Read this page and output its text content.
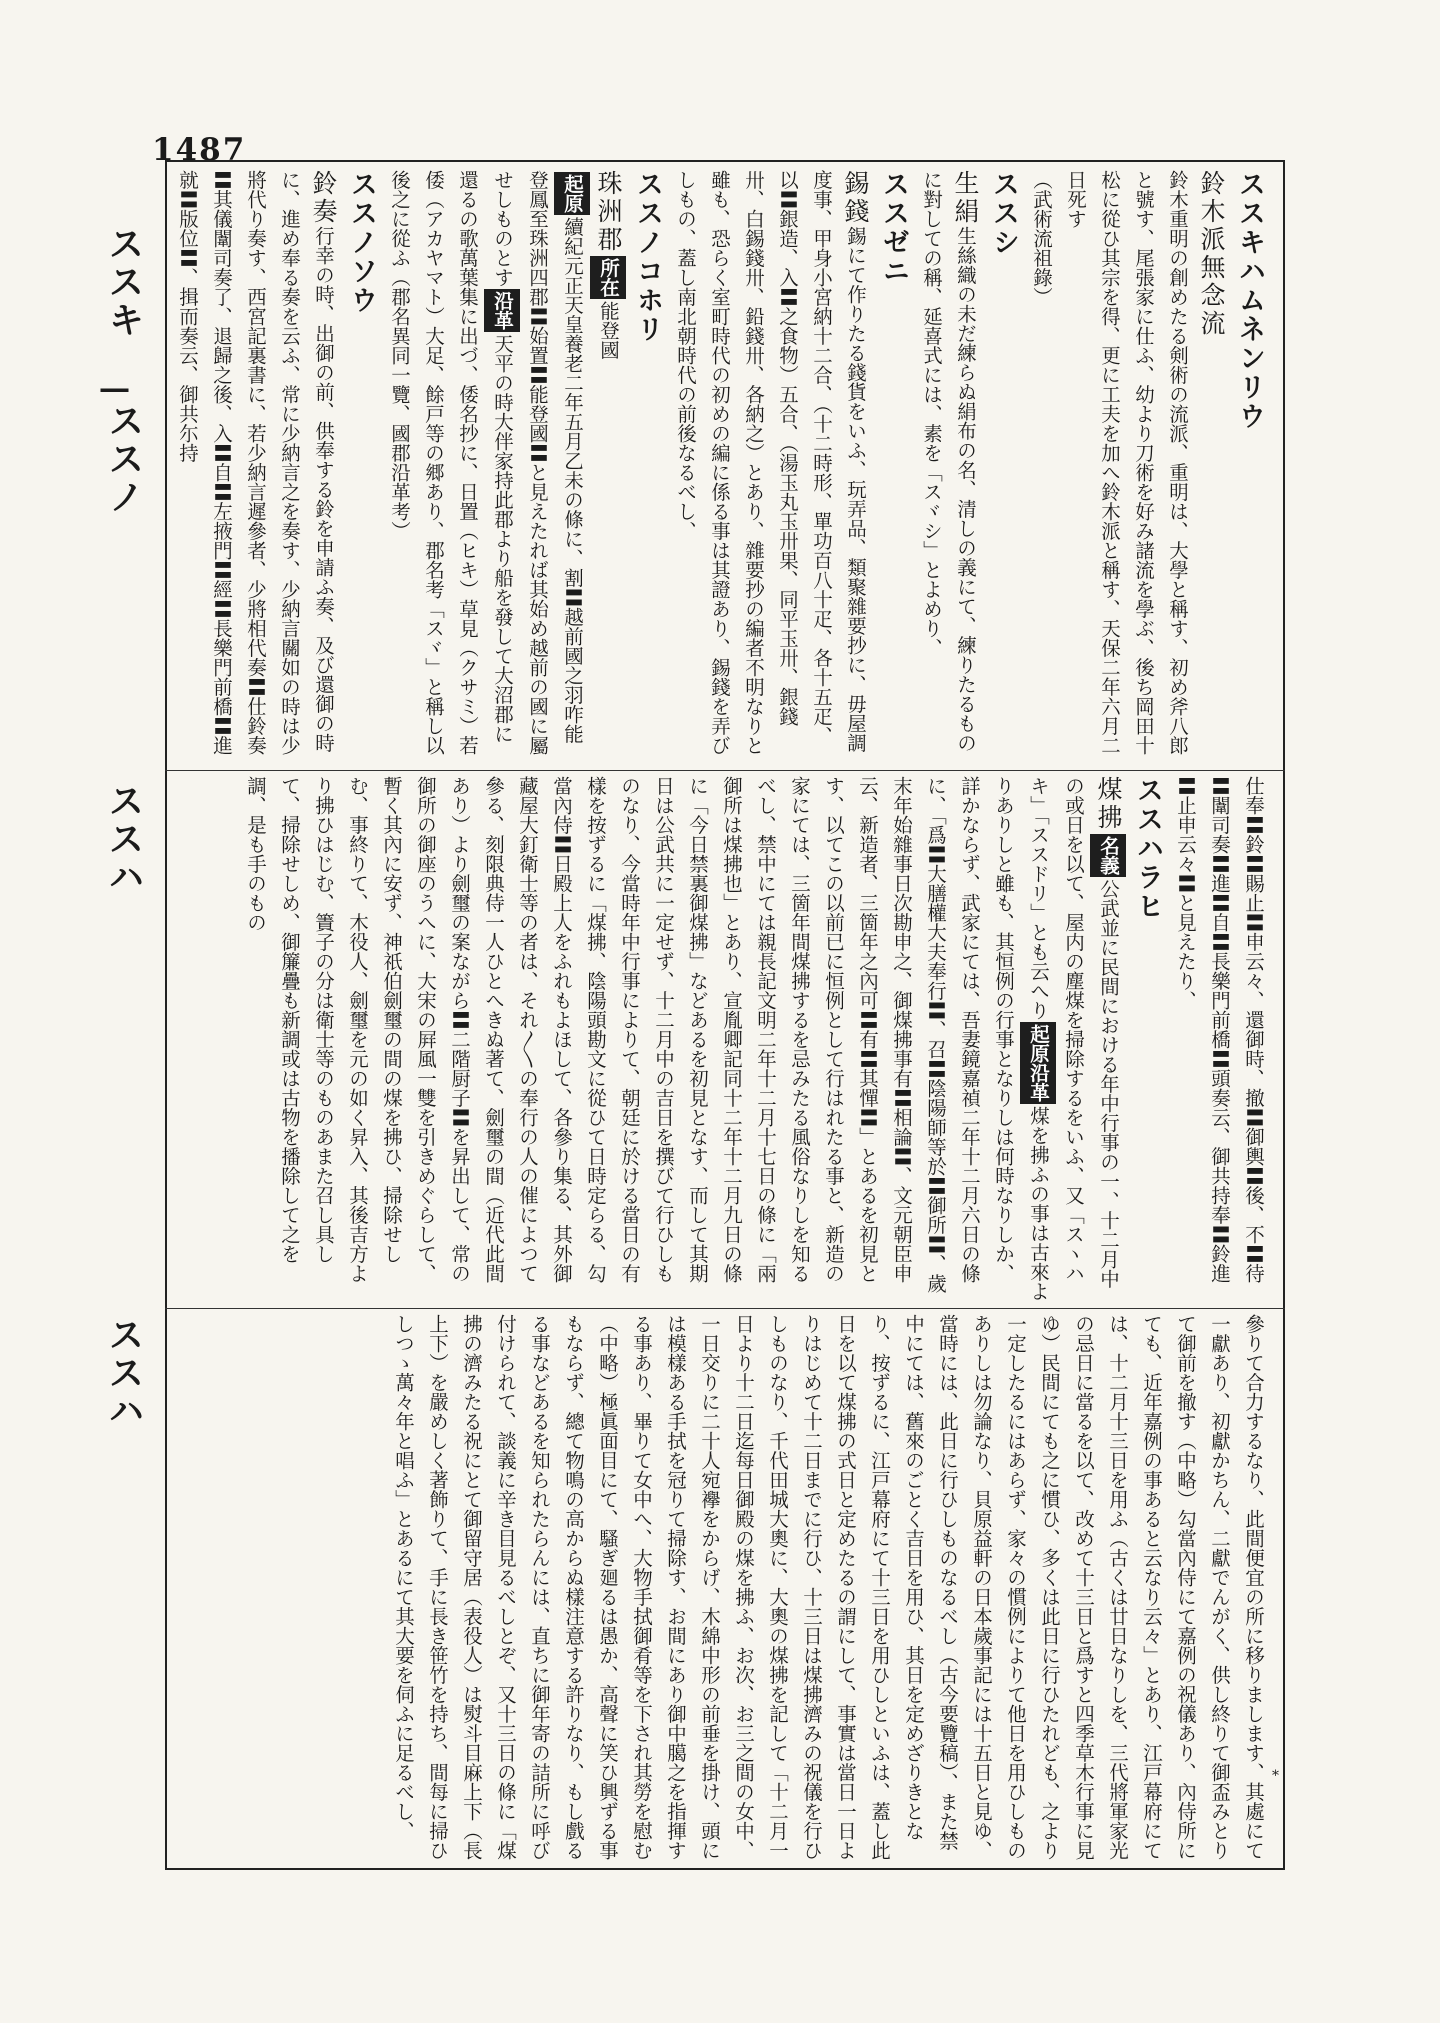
1487
ススキ
―
ススノ
ススハ
ススハ
ススキハムネンリウ
鈴木派無念流

鈴木重明の創めたる剣術の流派、重明は、大學と稱す、初め斧八郎と號す、尾張家に仕ふ、幼より刀術を好み諸流を學ぶ、後ち岡田十松に從ひ其宗を得、更に工夫を加へ鈴木派と稱す、天保二年六月二日死す

（武術流祖錄）

ススシ

生絹生絲織の未だ練らぬ絹布の名、清しの義にて、練りたるものに對しての稱、延喜式には、素を「スヾシ」とよめり、

ススゼニ

錫錢錫にて作りたる錢貨をいふ、玩弄品、類聚雜要抄に、毋屋調度事、甲身小宮納十二合、（十二時形、單功百八十疋、各十五疋、以〓銀造、入〓之食物）五合、（湯玉丸玉卅果、同平玉卅、銀錢卅、白錫錢卅、鉛錢卅、各納之）とあり、雜要抄の編者不明なりと雖も、恐らく室町時代の初めの編に係る事は其證あり、錫錢を弄びしもの、蓋し南北朝時代の前後なるべし、

ススノコホリ

珠洲郡所在能登國

起原續紀元正天皇養老二年五月乙未の條に、割〓越前國之羽咋能登鳳至珠洲四郡〓始置〓能登國〓と見えたれば其始め越前の國に屬せしものとす沿革天平の時大伴家持此郡より船を發して大沼郡に還るの歌萬葉集に出づ、倭名抄に、日置（ヒキ）草見（クサミ）若倭（アカヤマト）大足、餘戸等の郷あり、郡名考「スヾ」と稱し以後之に從ふ（郡名異同一覽、國郡沿革考）

ススノソウ

鈴奏行幸の時、出御の前、供奉する鈴を申請ふ奏、及び還御の時に、進め奉る奏を云ふ、常に少納言之を奏す、少納言關如の時は少將代り奏す、西宮記裏書に、若少納言遲參者、少將相代奏〓仕鈴奏〓其儀闈司奏了、退歸之後、入〓自〓左掖門〓經〓長樂門前橋〓進就〓版位〓、揖而奏云、御共尓持

仕奉〓鈴〓賜止〓申云々、還御時、撤〓御輿〓後、不〓待〓闈司奏〓進〓自〓長樂門前橋〓頭奏云、御共持奉〓鈴進〓止申云々〓と見えたり、

ススハラヒ

煤拂名義公武並に民間における年中行事の一、十二月中の或日を以て、屋内の塵煤を掃除するをいふ、又「スヽハキ」「ススドリ」とも云へり起原沿革煤を拂ふの事は古來よりありしと雖も、其恒例の行事となりしは何時なりしか、詳かならず、武家にては、吾妻鏡嘉禎二年十二月六日の條に、「爲〓大膳權大夫奉行〓、召〓陰陽師等於〓御所〓、歲末年始雜事日次勘申之、御煤拂事有〓相論〓、文元朝臣申云、新造者、三箇年之內可〓有〓其憚〓」とあるを初見とす、以てこの以前已に恒例として行はれたる事と、新造の家にては、三箇年間煤拂するを忌みたる風俗なりしを知るべし、禁中にては親長記文明二年十二月十七日の條に「兩御所は煤拂也」とあり、宣胤卿記同十二年十二月九日の條に「今日禁裏御煤拂」などあるを初見となす、而して其期日は公武共に一定せず、十二月中の吉日を撰びて行ひしものなり、今當時年中行事によりて、朝廷に於ける當日の有樣を按ずるに「煤拂、陰陽頭勘文に從ひて日時定らる、勾當內侍〓日殿上人をふれもよほして、各參り集る、其外御藏屋大釘衛士等の者は、それ〳〵の奉行の人の催によつて參る、刻限典侍一人ひとへきぬ著て、劍璽の間（近代此間あり）より劍璽の案ながら〓二階厨子〓を昇出して、常の御所の御座のうへに、大宋の屛風一雙を引きめぐらして、暫く其內に安ず、神祇伯劍璽の間の煤を拂ひ、掃除せしむ、事終りて、木役人、劍璽を元の如く昇入、其後吉方より拂ひはじむ、簀子の分は衛士等のものあまた召し具して、掃除せしめ、御簾疊も新調或は古物を播除して之を調、是も手のもの

參りて合力するなり、此間便宜の所に移りまします、其處にて一獻あり、初獻かちん、二獻でんがく、供し終りて御盃みとりて御前を撤す（中略）勾當內侍にて嘉例の祝儀あり、內侍所にても、近年嘉例の事あると云なり云々」とあり、江戸幕府にては、十二月十三日を用ふ（古くは廿日なりしを、三代將軍家光の忌日に當るを以て、改めて十三日と爲すと四季草木行事に見ゆ）民間にても之に慣ひ、多くは此日に行ひたれども、之より一定したるにはあらず、家々の慣例によりて他日を用ひしものありしは勿論なり、貝原益軒の日本歲事記には十五日と見ゆ、當時には、此日に行ひしものなるべし（古今要覽稿）、また禁中にては、舊來のごとく吉日を用ひ、其日を定めざりきとなり、按ずるに、江戸幕府にて十三日を用ひしといふは、蓋し此日を以て煤拂の式日と定めたるの謂にして、事實は當日一日よりはじめて十二日までに行ひ、十三日は煤拂濟みの祝儀を行ひしものなり、千代田城大奧に、大奧の煤拂を記して「十二月一日より十二日迄每日御殿の煤を拂ふ、お次、お三之間の女中、一日交りに二十人宛襷をからげ、木綿中形の前垂を掛け、頭には模樣ある手拭を冠りて掃除す、お間にあり御中臈之を指揮する事あり、畢りて女中へ、大物手拭御肴等を下され其勞を慰む（中略）極眞面目にて、騷ぎ廻るは愚か、高聲に笑ひ興ずる事もならず、總て物鳴の高からぬ樣注意する許りなり、もし戲るる事などあるを知られたらんには、直ちに御年寄の詰所に呼び付けられて、談義に辛き目見るべしとぞ、又十三日の條に「煤拂の濟みたる祝にとて御留守居（表役人）は熨斗目麻上下（長上下）を嚴めしく著飾りて、手に長き笹竹を持ち、間每に掃ひしつゝ萬々年と唱ふ」とあるにて其大要を伺ふに足るべし、	*
